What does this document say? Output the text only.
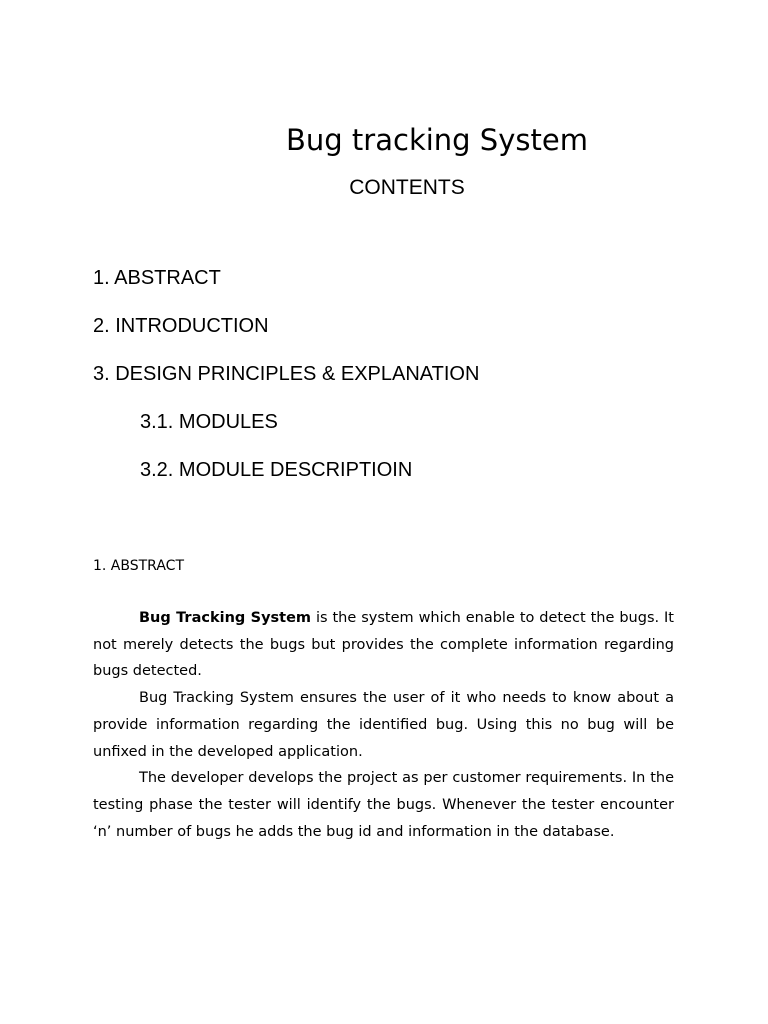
Bug tracking System
CONTENTS
1. ABSTRACT
2. INTRODUCTION
3. DESIGN PRINCIPLES & EXPLANATION
3.1. MODULES
3.2. MODULE DESCRIPTIOIN
1. ABSTRACT

Bug Tracking System is the system which enable to detect the bugs. It not merely detects the bugs but provides the complete information regarding bugs detected.

Bug Tracking System ensures the user of it who needs to know about a provide information regarding the identified bug. Using this no bug will be unfixed in the developed application.

The developer develops the project as per customer requirements. In the testing phase the tester will identify the bugs. Whenever the tester encounter ‘n’ number of bugs he adds the bug id and information in the database.
